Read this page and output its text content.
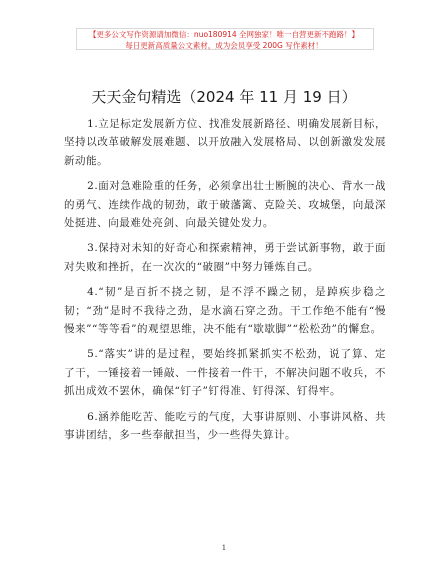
【更多公文写作资源请加微信：nuo180914 全网独家！唯一自营更新不跑路！】
每日更新高质量公文素材，成为会员享受 200G 写作素材！
天天金句精选（2024 年 11 月 19 日）

1.立足标定发展新方位、找准发展新路径、明确发展新目标，坚持以改革破解发展难题、以开放融入发展格局、以创新激发发展新动能。

2.面对急难险重的任务，必须拿出壮士断腕的决心、背水一战的勇气、连续作战的韧劲，敢于破藩篱、克险关、攻城堡，向最深处挺进、向最难处亮剑、向最关键处发力。

3.保持对未知的好奇心和探索精神，勇于尝试新事物，敢于面对失败和挫折，在一次次的“破圈”中努力锤炼自己。

4.“韧”是百折不挠之韧，是不浮不躁之韧，是踔疾步稳之韧；“劲”是时不我待之劲，是水滴石穿之劲。干工作绝不能有“慢慢来”“等等看”的观望思维，决不能有“歇歇脚”“松松劲”的懈怠。

5.“落实”讲的是过程，要始终抓紧抓实不松劲，说了算、定了干，一锤接着一锤敲、一件接着一件干，不解决问题不收兵，不抓出成效不罢休，确保“钉子”钉得准、钉得深、钉得牢。

6.涵养能吃苦、能吃亏的气度，大事讲原则、小事讲风格、共事讲团结，多一些奉献担当，少一些得失算计。

1
